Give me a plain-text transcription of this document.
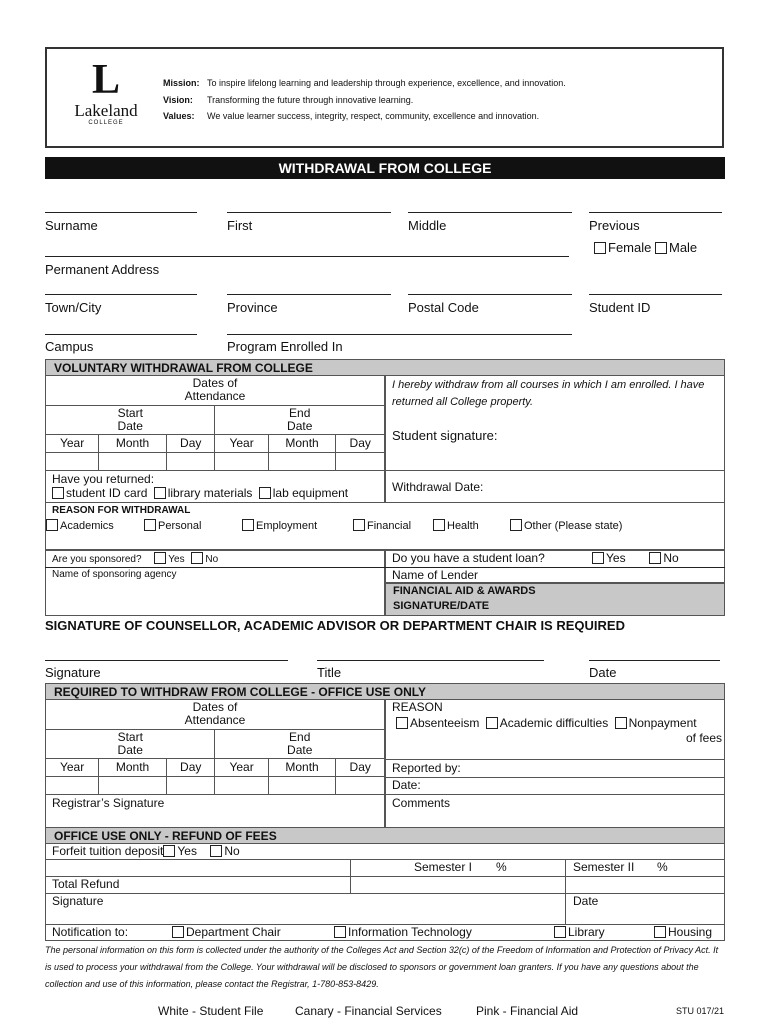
L
Lakeland
COLLEGE
Mission: To inspire lifelong learning and leadership through experience, excellence, and innovation.
Vision: Transforming the future through innovative learning.
Values: We value learner success, integrity, respect, community, excellence and innovation.
WITHDRAWAL FROM COLLEGE
Surname	First	Middle	Previous
Female Male
Permanent Address
Town/City	Province	Postal Code	Student ID
Campus	Program Enrolled In
VOLUNTARY WITHDRAWAL FROM COLLEGE
Dates of
Attendance					
Start
Date			End
Date		
Year	Month	Day	Year	Month	Day

I hereby withdraw from all courses in which I am enrolled. I have returned all College property.
Student signature:
Have you returned:
student ID card library materials lab equipment	Withdrawal Date:
REASON FOR WITHDRAWAL
Academics	Personal	Employment	Financial	Health	Other (Please state)
Are you sponsored?	Yes No
Name of sponsoring agency
Do you have a student loan?	Yes	No
Name of Lender
FINANCIAL AID & AWARDS
SIGNATURE/DATE
SIGNATURE OF COUNSELLOR, ACADEMIC ADVISOR OR DEPARTMENT CHAIR IS REQUIRED
Signature	Title	Date
REQUIRED TO WITHDRAW FROM COLLEGE - OFFICE USE ONLY
Dates of
Attendance					
Start
Date			End
Date		
Year	Month	Day	Year	Month	Day

REASON
Absenteeism Academic difficulties Nonpayment
of fees
Reported by:
Date:
Registrar’s Signature	Comments
OFFICE USE ONLY - REFUND OF FEES
Forfeit tuition deposit Yes No
Semester I %	Semester II %
Total Refund
Signature	Date
Notification to:	Department Chair	Information Technology	Library	Housing
The personal information on this form is collected under the authority of the Colleges Act and Section 32(c) of the Freedom of Information and Protection of Privacy Act. It is used to process your withdrawal from the College. Your withdrawal will be disclosed to sponsors or government loan granters. If you have any questions about the collection and use of this information, please contact the Registrar, 1-780-853-8429.
White - Student File	Canary - Financial Services	Pink - Financial Aid	STU 017/21
